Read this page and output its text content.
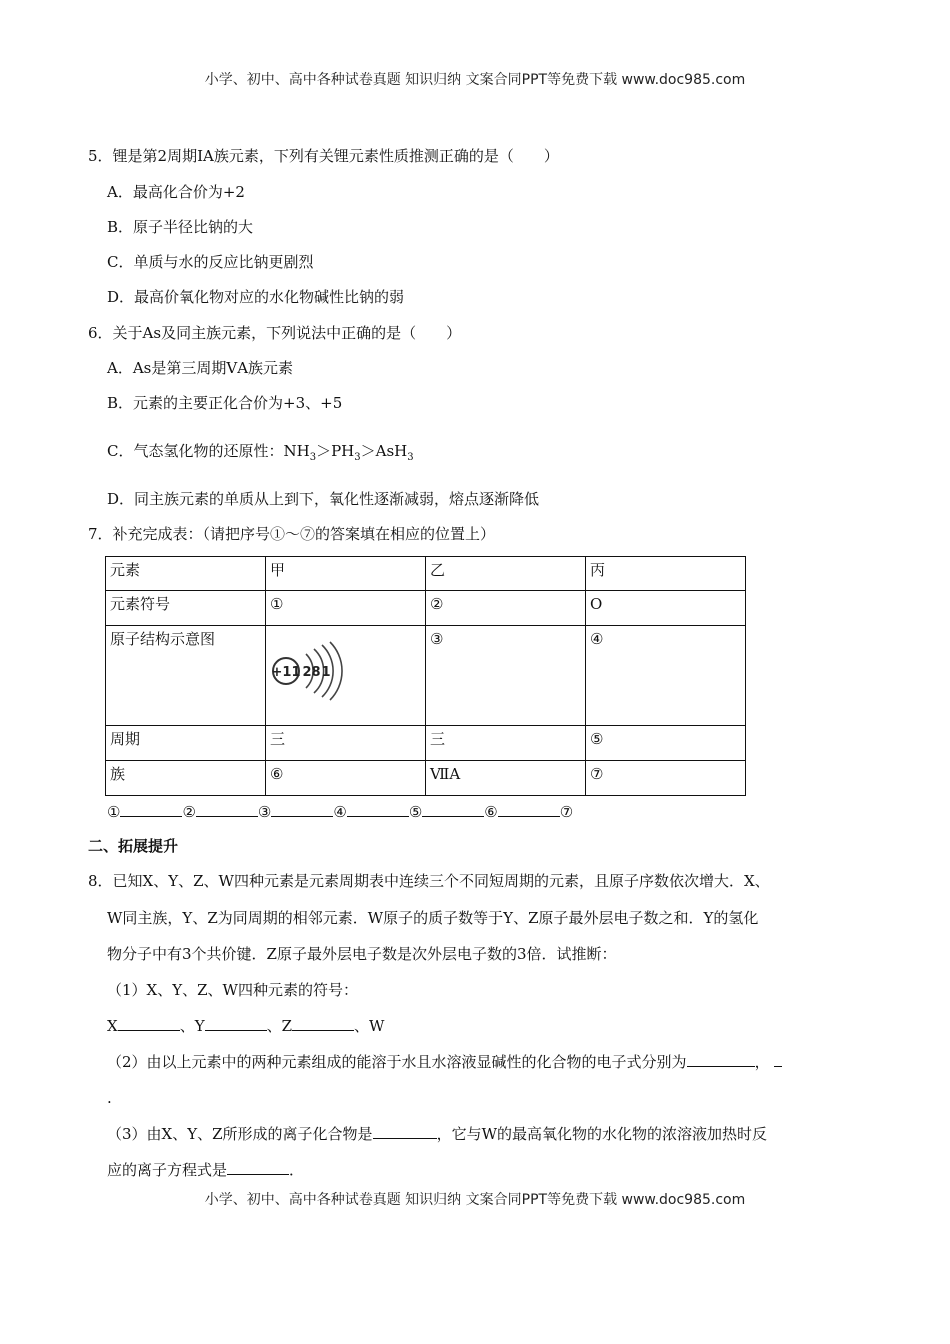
小学、初中、高中各种试卷真题 知识归纳 文案合同PPT等免费下载 www.doc985.com
5．锂是第2周期ⅠA族元素，下列有关锂元素性质推测正确的是（　　）
A．最高化合价为+2
B．原子半径比钠的大
C．单质与水的反应比钠更剧烈
D．最高价氧化物对应的水化物碱性比钠的弱
6．关于As及同主族元素，下列说法中正确的是（　　）
A．As是第三周期ⅤA族元素
B．元素的主要正化合价为+3、+5
C．气态氢化物的还原性：$NH_3>PH_3>AsH_3$
D．同主族元素的单质从上到下，氧化性逐渐减弱，熔点逐渐降低
7．补充完成表：（请把序号①～⑦的答案填在相应的位置上）
元素	甲	乙	丙
元素符号	①	②	O
原子结构示意图	+11 2 8 1	③	④
周期	三	三	⑤
族	⑥	ⅦA	⑦
①	②	③	④	⑤	⑥	⑦
二、拓展提升
8．已知X、Y、Z、W四种元素是元素周期表中连续三个不同短周期的元素，且原子序数依次增大．X、
W同主族，Y、Z为同周期的相邻元素．W原子的质子数等于Y、Z原子最外层电子数之和．Y的氢化
物分子中有3个共价键．Z原子最外层电子数是次外层电子数的3倍．试推断：
（1）X、Y、Z、W四种元素的符号：
X	、Y	、Z	、W
（2）由以上元素中的两种元素组成的能溶于水且水溶液显碱性的化合物的电子式分别为	，
.
（3）由X、Y、Z所形成的离子化合物是	，它与W的最高氧化物的水化物的浓溶液加热时反
应的离子方程式是	．
小学、初中、高中各种试卷真题 知识归纳 文案合同PPT等免费下载 www.doc985.com
